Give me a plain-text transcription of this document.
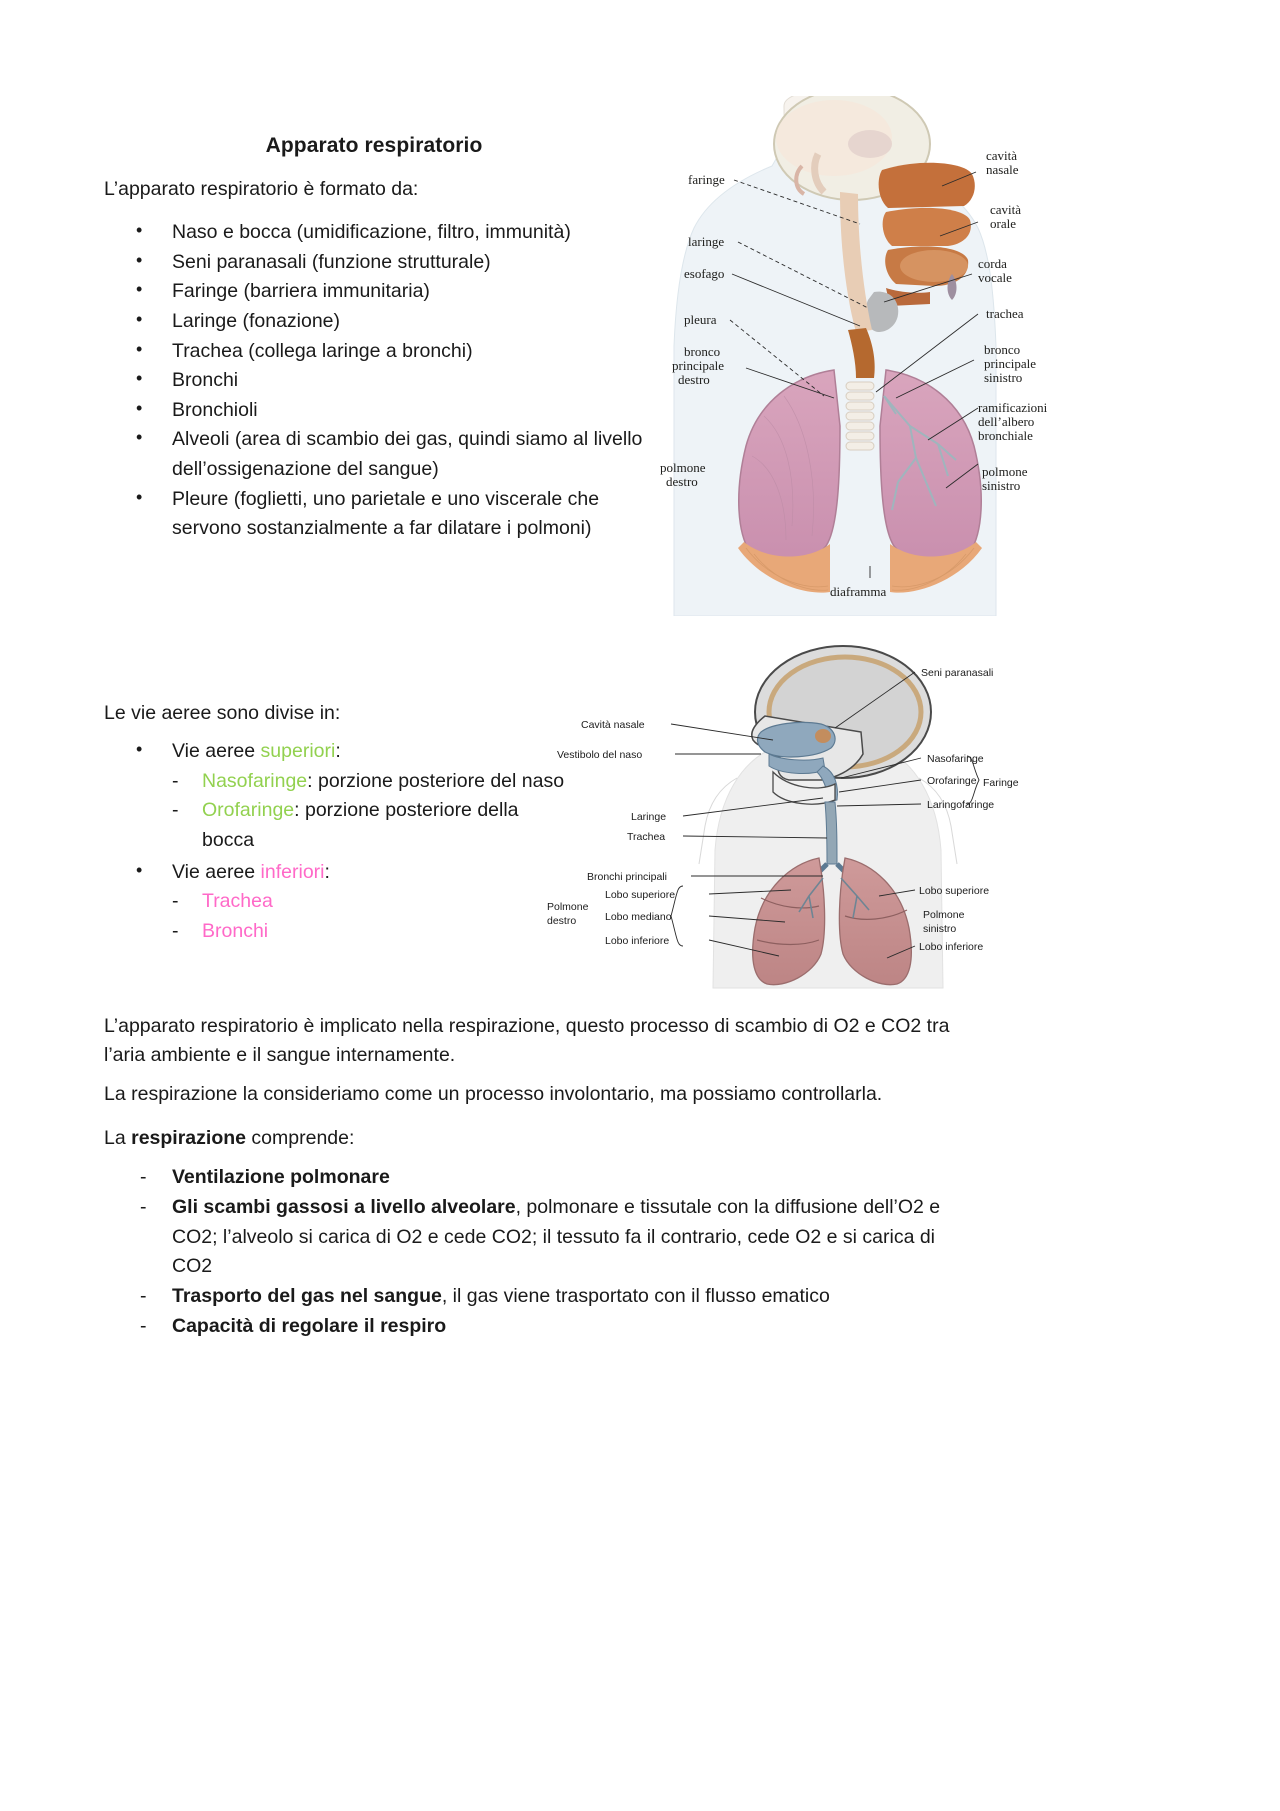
Apparato respiratorio
L’apparato respiratorio è formato da:
• Naso e bocca (umidificazione, filtro, immunità)
• Seni paranasali (funzione strutturale)
• Faringe (barriera immunitaria)
• Laringe (fonazione)
• Trachea (collega laringe a bronchi)
• Bronchi
• Bronchioli
• Alveoli (area di scambio dei gas, quindi siamo al livello dell’ossigenazione del sangue)
• Pleure (foglietti, uno parietale e uno viscerale che servono sostanzialmente a far dilatare i polmoni)
Le vie aeree sono divise in:
• Vie aeree superiori:
- Nasofaringe: porzione posteriore del naso
- Orofaringe: porzione posteriore della bocca
• Vie aeree inferiori:
- Trachea
- Bronchi
L’apparato respiratorio è implicato nella respirazione, questo processo di scambio di O2 e CO2 tra l’aria ambiente e il sangue internamente.
La respirazione la consideriamo come un processo involontario, ma possiamo controllarla.
La respirazione comprende:
- Ventilazione polmonare
- Gli scambi gassosi a livello alveolare, polmonare e tissutale con la diffusione dell’O2 e CO2; l’alveolo si carica di O2 e cede CO2; il tessuto fa il contrario, cede O2 e si carica di CO2
- Trasporto del gas nel sangue, il gas viene trasportato con il flusso ematico
- Capacità di regolare il respiro
faringe
laringe
esofago
pleura
bronco
principale
destro
polmone
destro
cavità
nasale
cavità
orale
corda
vocale
trachea
bronco
principale
sinistro
ramificazioni
dell’albero
bronchiale
polmone
sinistro
diaframma
Cavità nasale
Vestibolo del naso
Laringe
Trachea
Bronchi principali
Lobo superiore
Lobo mediano
Lobo inferiore
Polmone
destro
Seni paranasali
Nasofaringe
Orofaringe
Laringofaringe
Faringe
Lobo superiore
Polmone
sinistro
Lobo inferiore
